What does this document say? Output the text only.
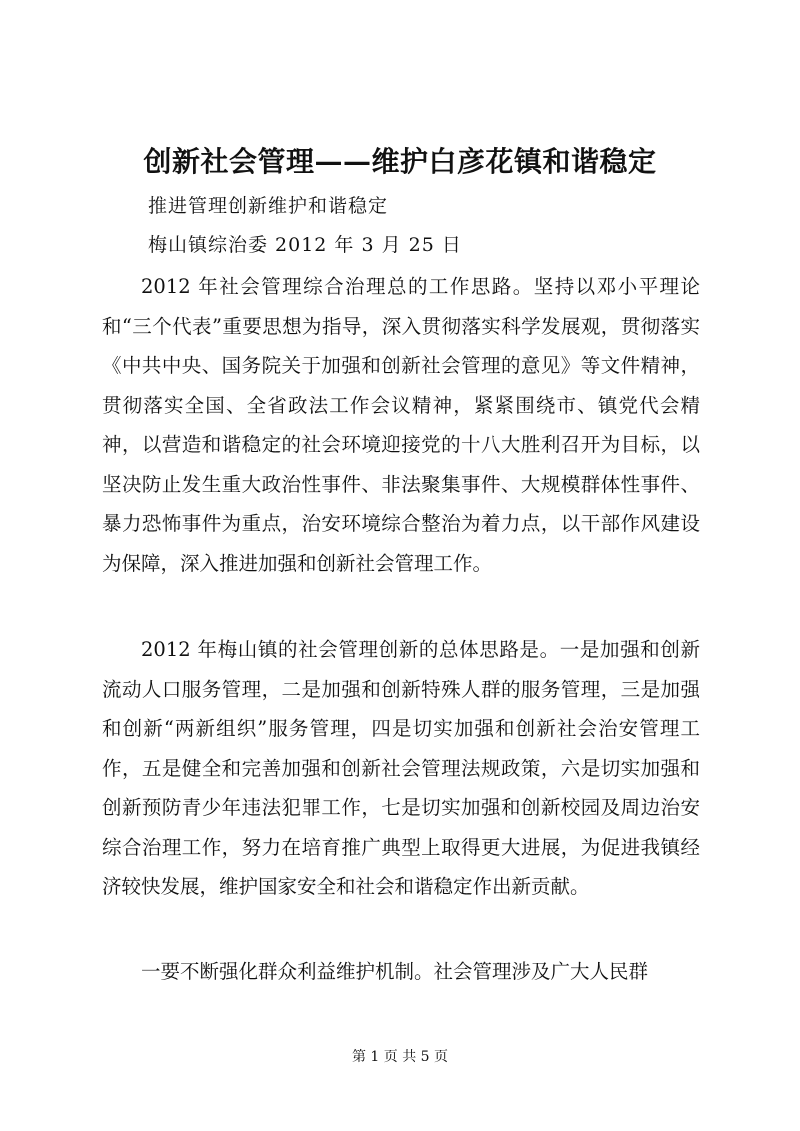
创新社会管理——维护白彦花镇和谐稳定
推进管理创新维护和谐稳定
梅山镇综治委 2012 年 3 月 25 日

2012 年社会管理综合治理总的工作思路。坚持以邓小平理论和“三个代表”重要思想为指导，深入贯彻落实科学发展观，贯彻落实《中共中央、国务院关于加强和创新社会管理的意见》等文件精神，贯彻落实全国、全省政法工作会议精神，紧紧围绕市、镇党代会精神，以营造和谐稳定的社会环境迎接党的十八大胜利召开为目标，以坚决防止发生重大政治性事件、非法聚集事件、大规模群体性事件、暴力恐怖事件为重点，治安环境综合整治为着力点，以干部作风建设为保障，深入推进加强和创新社会管理工作。

2012 年梅山镇的社会管理创新的总体思路是。一是加强和创新流动人口服务管理，二是加强和创新特殊人群的服务管理，三是加强和创新“两新组织”服务管理，四是切实加强和创新社会治安管理工作，五是健全和完善加强和创新社会管理法规政策，六是切实加强和创新预防青少年违法犯罪工作，七是切实加强和创新校园及周边治安综合治理工作，努力在培育推广典型上取得更大进展，为促进我镇经济较快发展，维护国家安全和社会和谐稳定作出新贡献。

一要不断强化群众利益维护机制。社会管理涉及广大人民群

第 1 页 共 5 页
